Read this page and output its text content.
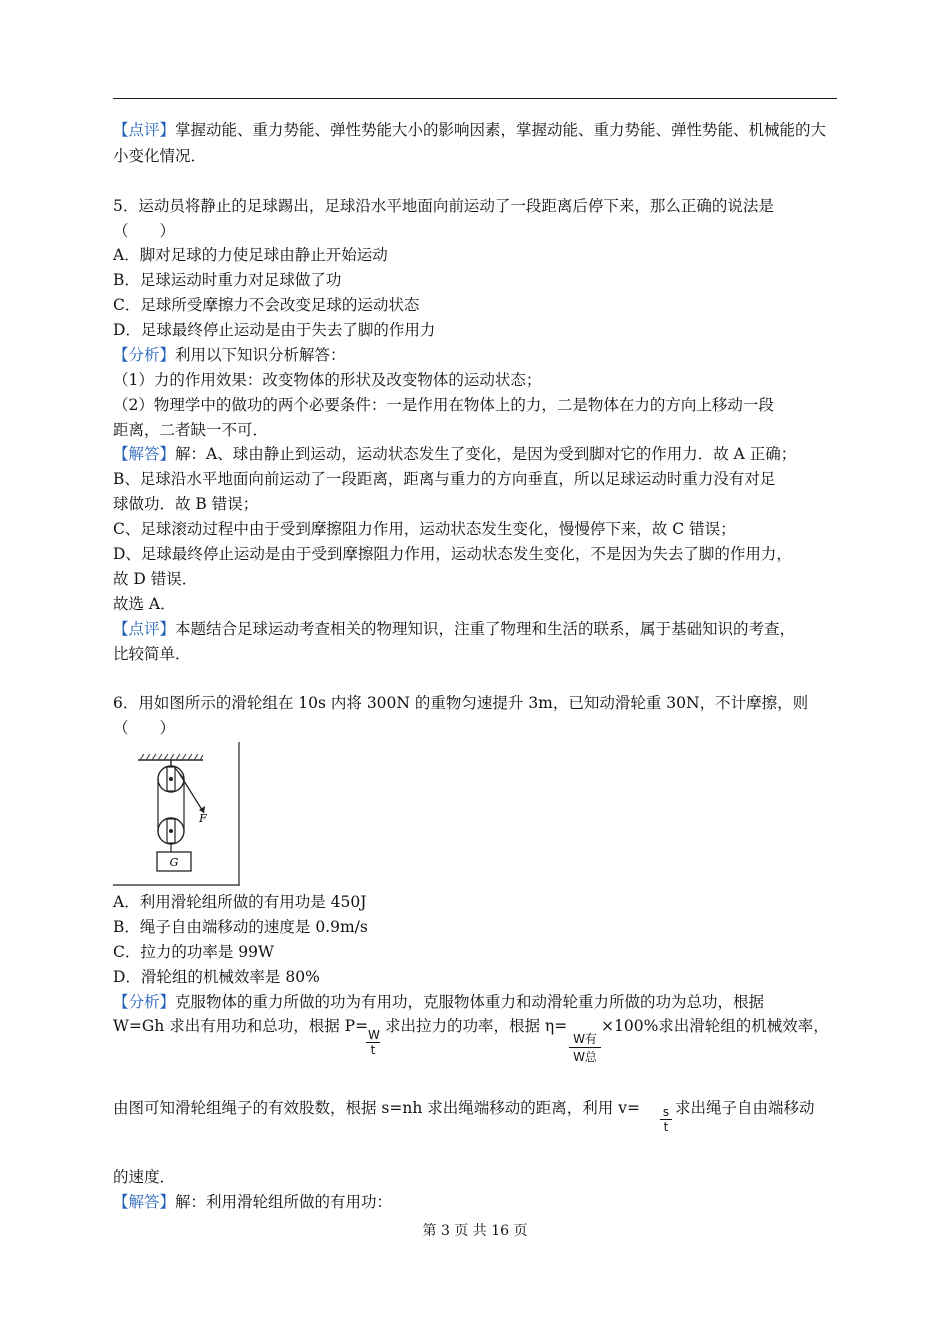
【点评】掌握动能、重力势能、弹性势能大小的影响因素，掌握动能、重力势能、弹性势能、机械能的大
小变化情况．
5．运动员将静止的足球踢出，足球沿水平地面向前运动了一段距离后停下来，那么正确的说法是
（　　）
A．脚对足球的力使足球由静止开始运动
B．足球运动时重力对足球做了功
C．足球所受摩擦力不会改变足球的运动状态
D．足球最终停止运动是由于失去了脚的作用力
【分析】利用以下知识分析解答：
（1）力的作用效果：改变物体的形状及改变物体的运动状态；
（2）物理学中的做功的两个必要条件：一是作用在物体上的力，二是物体在力的方向上移动一段
距离，二者缺一不可．
【解答】解：A、球由静止到运动，运动状态发生了变化，是因为受到脚对它的作用力．故 A 正确；
B、足球沿水平地面向前运动了一段距离，距离与重力的方向垂直，所以足球运动时重力没有对足
球做功．故 B 错误；
C、足球滚动过程中由于受到摩擦阻力作用，运动状态发生变化，慢慢停下来，故 C 错误；
D、足球最终停止运动是由于受到摩擦阻力作用，运动状态发生变化，不是因为失去了脚的作用力，
故 D 错误．
故选 A．
【点评】本题结合足球运动考查相关的物理知识，注重了物理和生活的联系，属于基础知识的考查，
比较简单．
6．用如图所示的滑轮组在 10s 内将 300N 的重物匀速提升 3m，已知动滑轮重 30N，不计摩擦，则
（　　）
G
F
A．利用滑轮组所做的有用功是 450J
B．绳子自由端移动的速度是 0.9m/s
C．拉力的功率是 99W
D．滑轮组的机械效率是 80%
【分析】克服物体的重力所做的功为有用功，克服物体重力和动滑轮重力所做的功为总功，根据
W=Gh 求出有用功和总功，根据 P=
$\frac{W}{t}$
求出拉力的功率，根据 η=
W有
W总
×100%求出滑轮组的机械效率，
由图可知滑轮组绳子的有效股数，根据 s=nh 求出绳端移动的距离，利用 $v= \frac{s}{t}$ 求出绳子自由端移动
的速度．
【解答】解：利用滑轮组所做的有用功：
第 3 页 共 16 页
